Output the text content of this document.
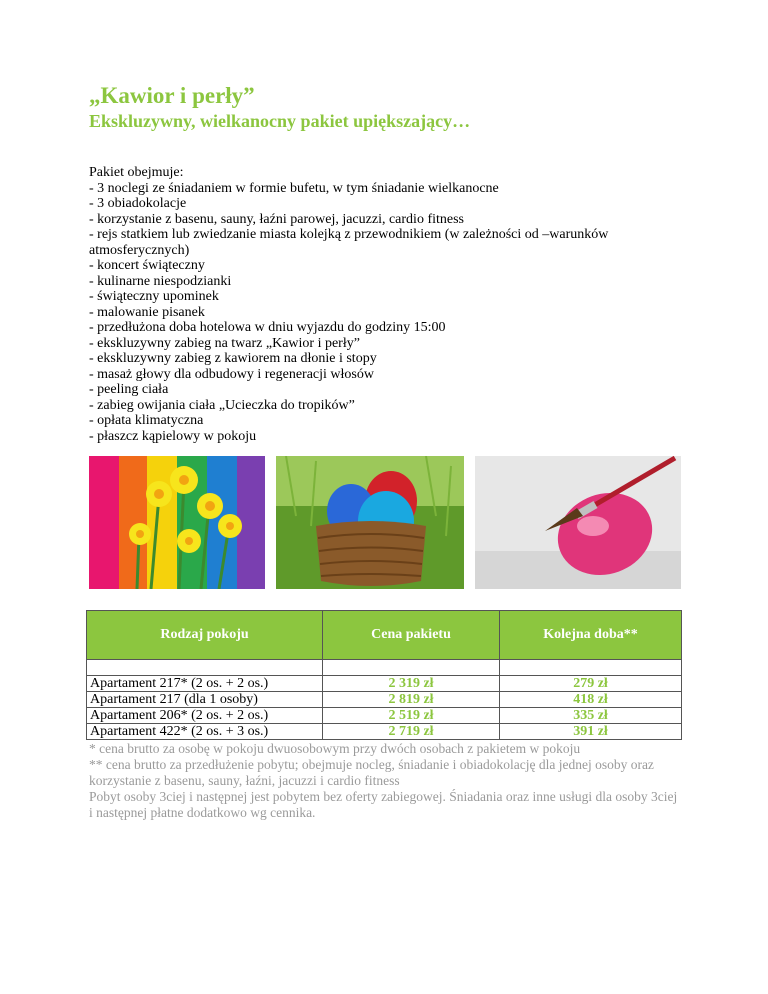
„Kawior i perły”
Ekskluzywny, wielkanocny pakiet upiększający…
Pakiet obejmuje:
- 3 noclegi ze śniadaniem w formie bufetu, w tym śniadanie wielkanocne
- 3 obiadokolacje
- korzystanie z basenu, sauny, łaźni parowej, jacuzzi, cardio fitness
- rejs statkiem lub zwiedzanie miasta kolejką z przewodnikiem (w zależności od –warunków atmosferycznych)
- koncert świąteczny
- kulinarne niespodzianki
- świąteczny upominek
- malowanie pisanek
- przedłużona doba hotelowa w dniu wyjazdu do godziny 15:00
- ekskluzywny zabieg na twarz „Kawior i perły”
- ekskluzywny zabieg z kawiorem na dłonie i stopy
- masaż głowy dla odbudowy i regeneracji włosów
- peeling ciała
- zabieg owijania ciała „Ucieczka do tropików”
- opłata klimatyczna
- płaszcz kąpielowy w pokoju
Rodzaj pokoju	Cena pakietu	Kolejna doba**

Apartament 217* (2 os. + 2 os.)	2 319 zł	279 zł
Apartament 217 (dla 1 osoby)	2 819 zł	418 zł
Apartament 206* (2 os. + 2 os.)	2 519 zł	335 zł
Apartament 422* (2 os. + 3 os.)	2 719 zł	391 zł

* cena brutto za osobę w pokoju dwuosobowym przy dwóch osobach z pakietem w pokoju

** cena brutto za przedłużenie pobytu; obejmuje nocleg, śniadanie i obiadokolację dla jednej osoby oraz korzystanie z basenu, sauny, łaźni, jacuzzi i cardio fitness

Pobyt osoby 3ciej i następnej jest pobytem bez oferty zabiegowej. Śniadania oraz inne usługi dla osoby 3ciej i następnej płatne dodatkowo wg cennika.
